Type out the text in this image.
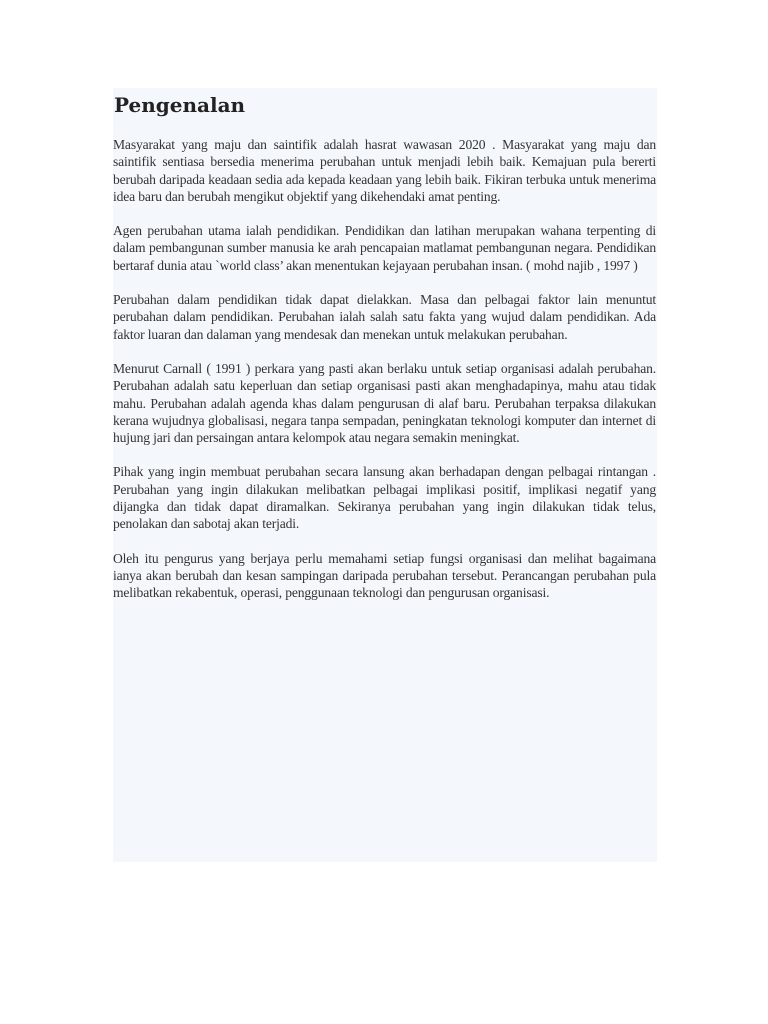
Pengenalan

Masyarakat yang maju dan saintifik adalah hasrat wawasan 2020 . Masyarakat yang maju dan saintifik sentiasa bersedia menerima perubahan untuk menjadi lebih baik. Kemajuan pula bererti berubah daripada keadaan sedia ada kepada keadaan yang lebih baik. Fikiran terbuka untuk menerima idea baru dan berubah mengikut objektif yang dikehendaki amat penting.

Agen perubahan utama ialah pendidikan. Pendidikan dan latihan merupakan wahana terpenting di dalam pembangunan sumber manusia ke arah pencapaian matlamat pembangunan negara. Pendidikan bertaraf dunia atau `world class’ akan menentukan kejayaan perubahan insan. ( mohd najib , 1997 )

Perubahan dalam pendidikan tidak dapat dielakkan. Masa dan pelbagai faktor lain menuntut perubahan dalam pendidikan. Perubahan ialah salah satu fakta yang wujud dalam pendidikan. Ada faktor luaran dan dalaman yang mendesak dan menekan untuk melakukan perubahan.

Menurut Carnall ( 1991 ) perkara yang pasti akan berlaku untuk setiap organisasi adalah perubahan. Perubahan adalah satu keperluan dan setiap organisasi pasti akan menghadapinya, mahu atau tidak mahu. Perubahan adalah agenda khas dalam pengurusan di alaf baru. Perubahan terpaksa dilakukan kerana wujudnya globalisasi, negara tanpa sempadan, peningkatan teknologi komputer dan internet di hujung jari dan persaingan antara kelompok atau negara semakin meningkat.

Pihak yang ingin membuat perubahan secara lansung akan berhadapan dengan pelbagai rintangan . Perubahan yang ingin dilakukan melibatkan pelbagai implikasi positif, implikasi negatif yang dijangka dan tidak dapat diramalkan. Sekiranya perubahan yang ingin dilakukan tidak telus, penolakan dan sabotaj akan terjadi.

Oleh itu pengurus yang berjaya perlu memahami setiap fungsi organisasi dan melihat bagaimana ianya akan berubah dan kesan sampingan daripada perubahan tersebut. Perancangan perubahan pula melibatkan rekabentuk, operasi, penggunaan teknologi dan pengurusan organisasi.
